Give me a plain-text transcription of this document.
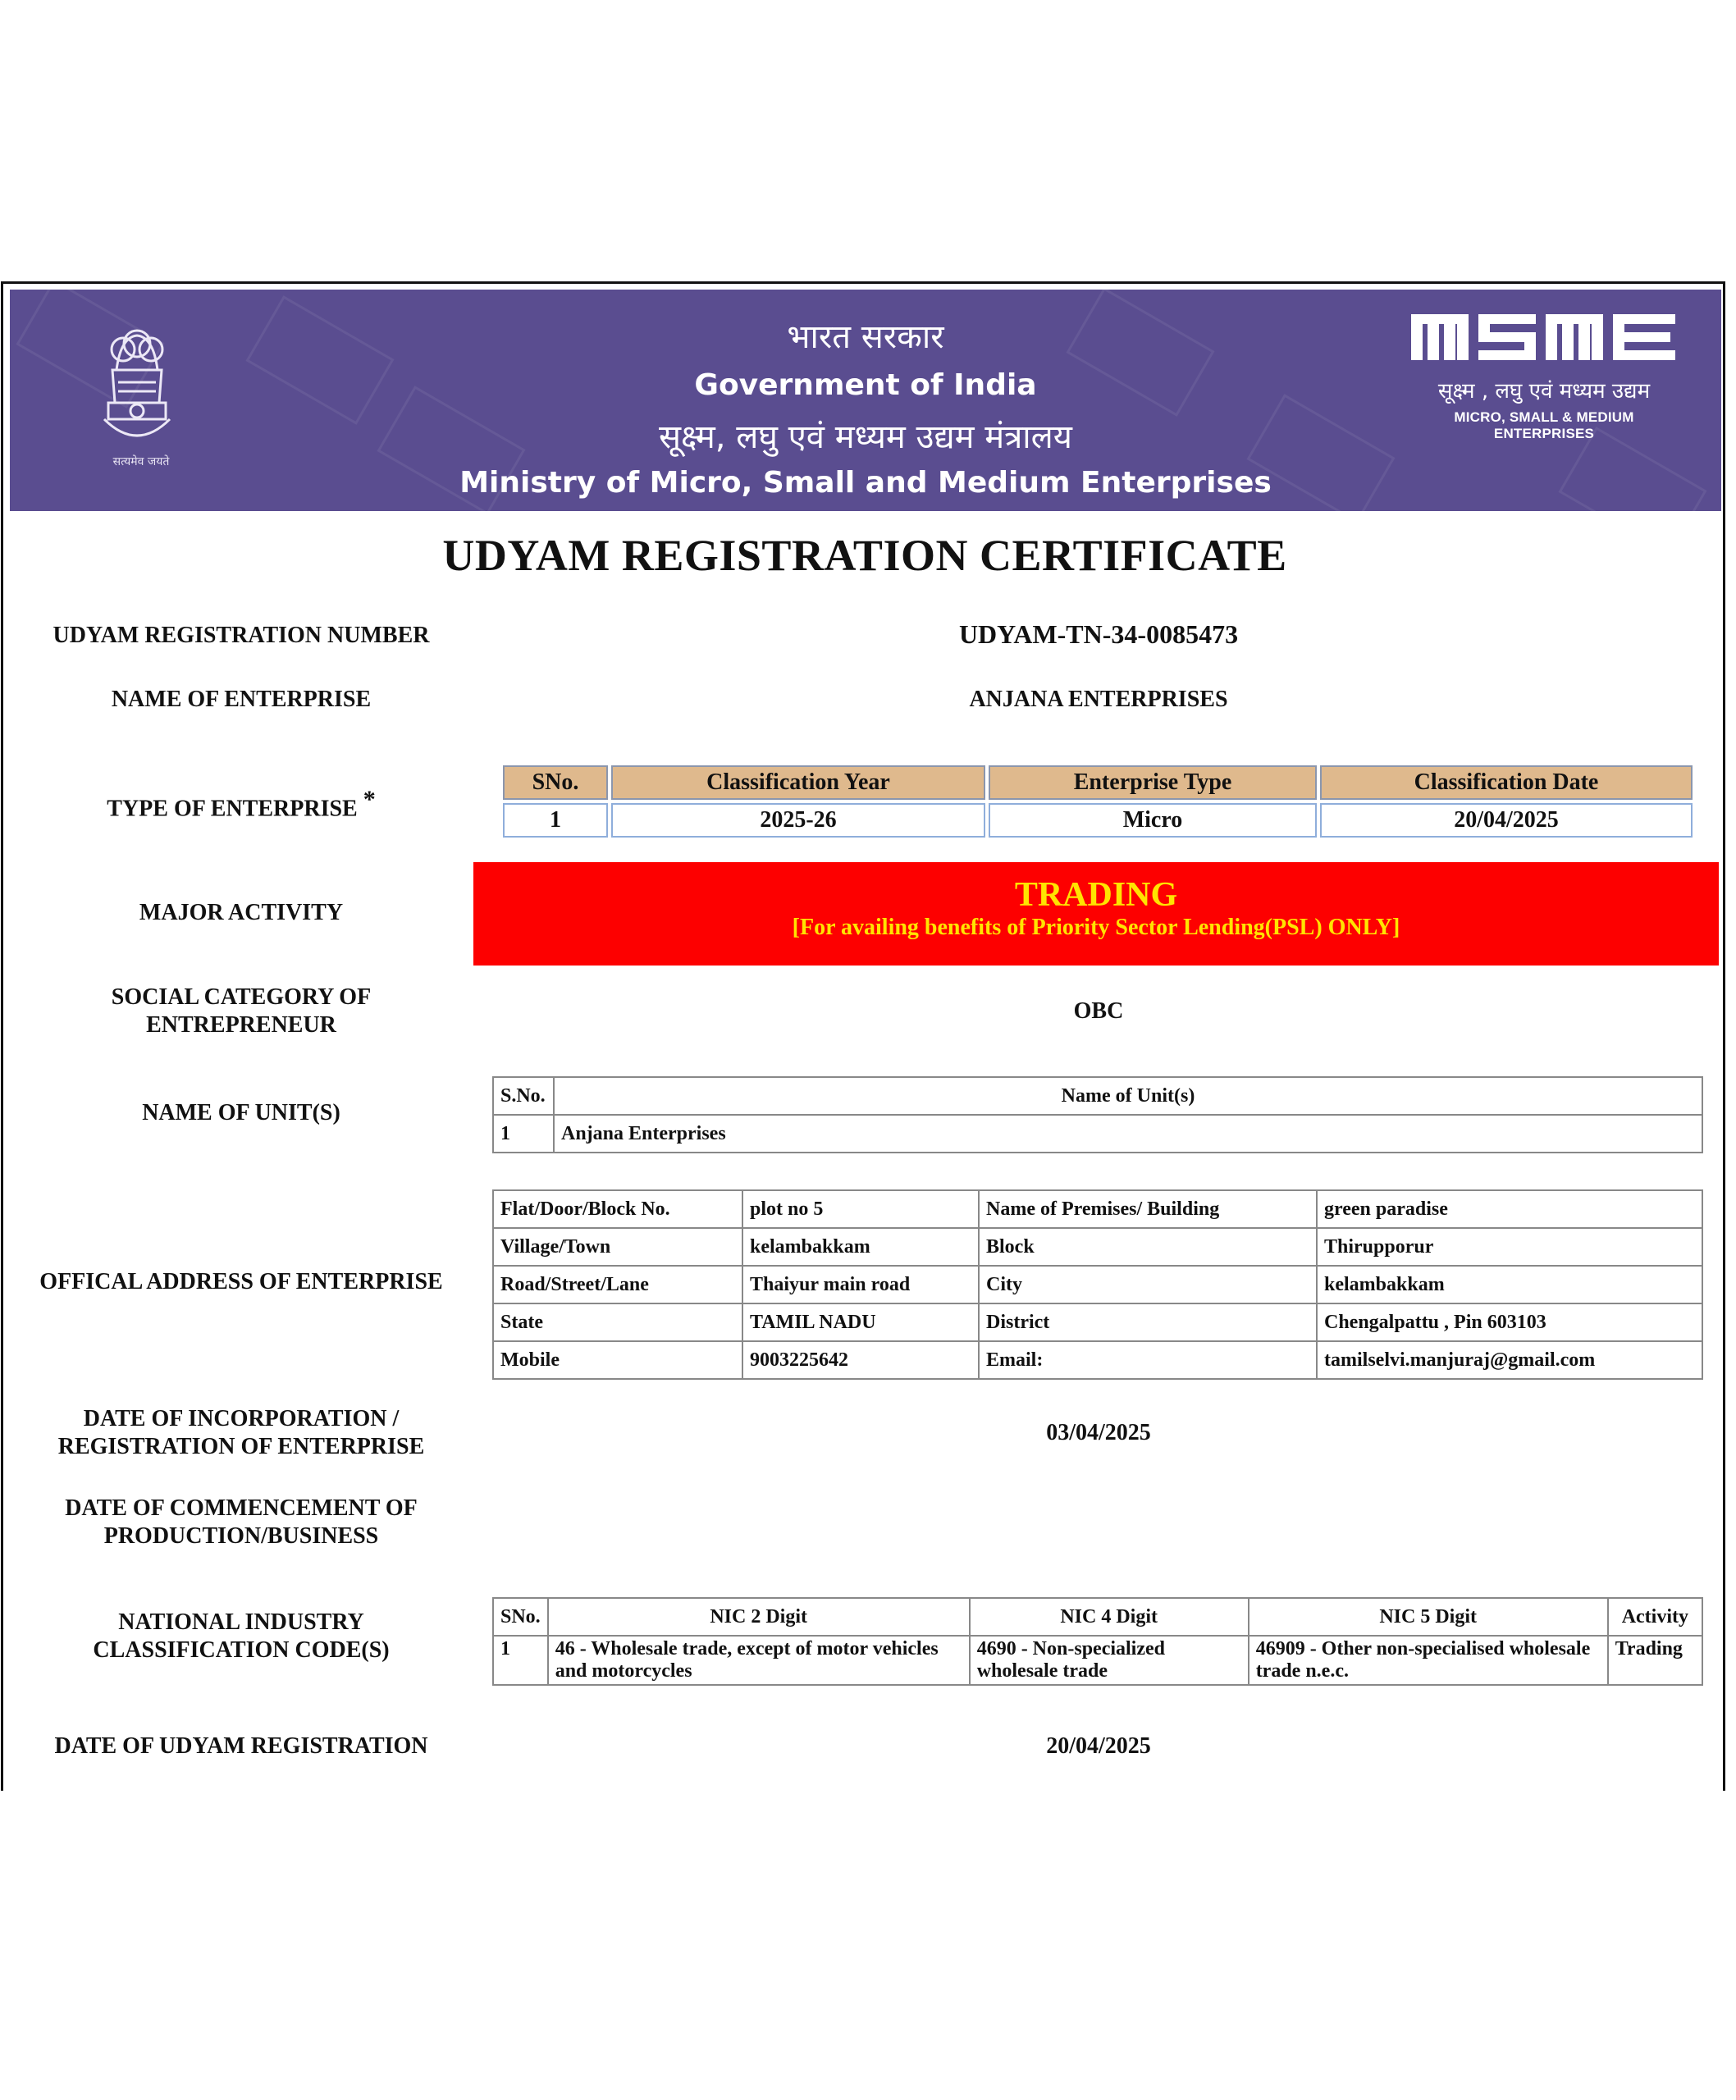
सत्यमेव जयते
भारत सरकार
Government of India
सूक्ष्म, लघु एवं मध्यम उद्यम मंत्रालय
Ministry of Micro, Small and Medium Enterprises
सूक्ष्म , लघु एवं मध्यम उद्यम
MICRO, SMALL & MEDIUM ENTERPRISES
UDYAM REGISTRATION CERTIFICATE
UDYAM REGISTRATION NUMBER	UDYAM-TN-34-0085473
NAME OF ENTERPRISE	ANJANA ENTERPRISES
TYPE OF ENTERPRISE *
SNo.	Classification Year	Enterprise Type	Classification Date
1	2025-26	Micro	20/04/2025
MAJOR ACTIVITY	TRADING
[For availing benefits of Priority Sector Lending(PSL) ONLY]
SOCIAL CATEGORY OF
ENTREPRENEUR
OBC
NAME OF UNIT(S)
S.No.	Name of Unit(s)
1	Anjana Enterprises
OFFICAL ADDRESS OF ENTERPRISE
Flat/Door/Block No.	plot no 5	Name of Premises/ Building	green paradise
Village/Town	kelambakkam	Block	Thirupporur
Road/Street/Lane	Thaiyur main road	City	kelambakkam
State	TAMIL NADU	District	Chengalpattu , Pin 603103
Mobile	9003225642	Email:	tamilselvi.manjuraj@gmail.com
DATE OF INCORPORATION /
REGISTRATION OF ENTERPRISE
03/04/2025
DATE OF COMMENCEMENT OF
PRODUCTION/BUSINESS
NATIONAL INDUSTRY
CLASSIFICATION CODE(S)
SNo.	NIC 2 Digit	NIC 4 Digit	NIC 5 Digit	Activity
1	46 - Wholesale trade, except of motor vehicles and motorcycles	4690 - Non-specialized wholesale trade	46909 - Other non-specialised wholesale trade n.e.c.	Trading
DATE OF UDYAM REGISTRATION	20/04/2025
